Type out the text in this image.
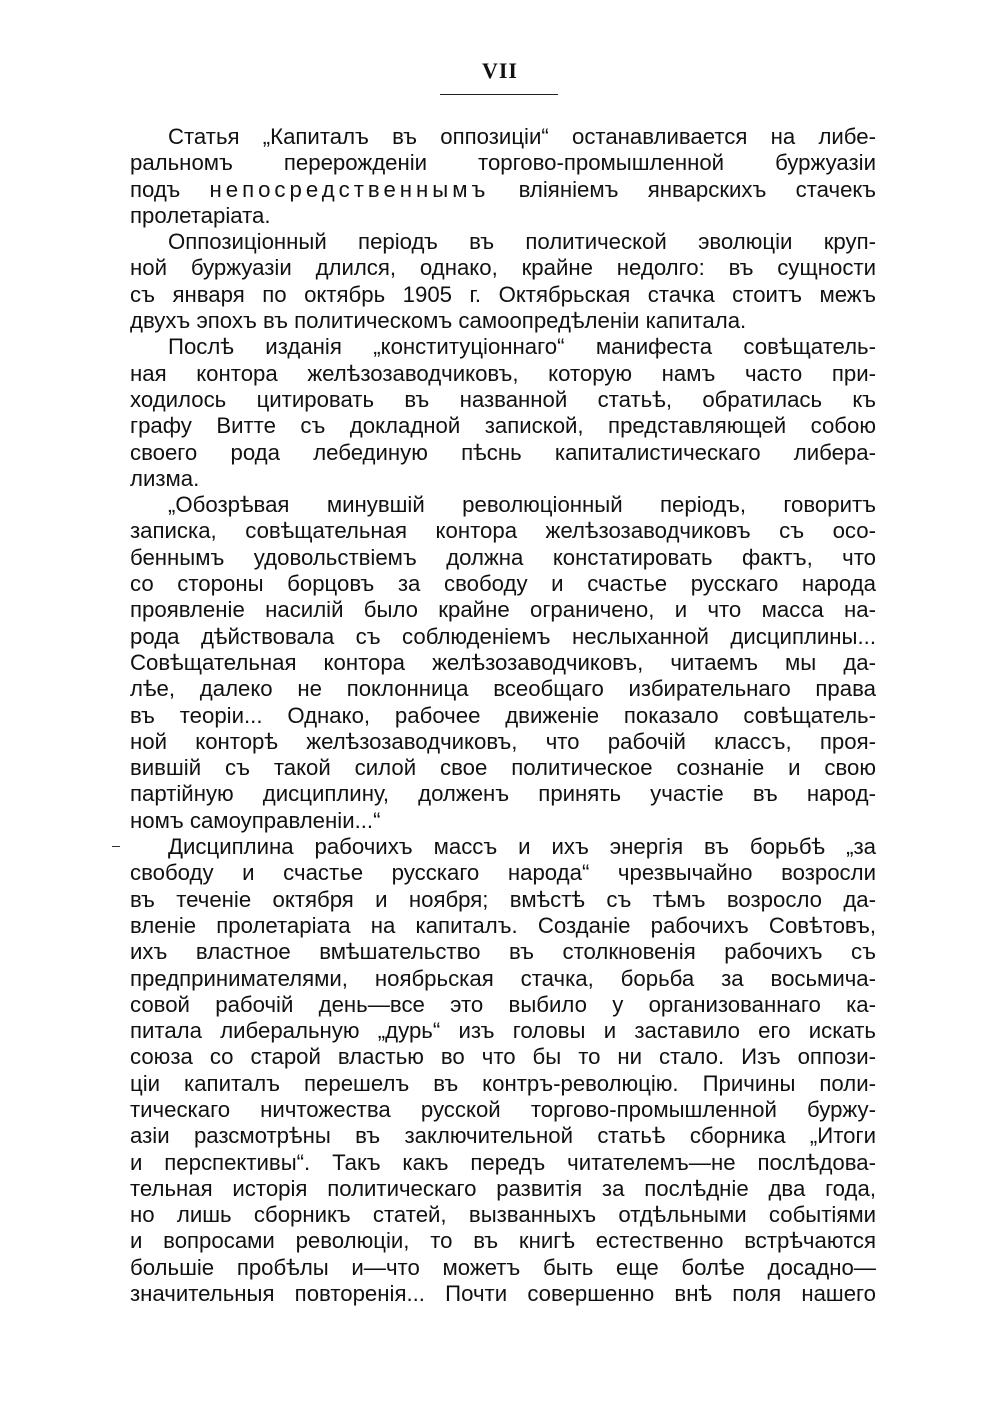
VII
Статья „Капиталъ въ оппозиціи“ останавливается на либе-
ральномъ перерожденіи торгово-промышленной буржуазіи
подъ непосредственнымъ вліяніемъ январскихъ стачекъ
пролетаріата.
Оппозиціонный періодъ въ политической эволюціи круп-
ной буржуазіи длился, однако, крайне недолго: въ сущности
съ января по октябрь 1905 г. Октябрьская стачка стоитъ межъ
двухъ эпохъ въ политическомъ самоопредѣленіи капитала.
Послѣ изданія „конституціоннаго“ манифеста совѣщатель-
ная контора желѣзозаводчиковъ, которую намъ часто при-
ходилось цитировать въ названной статьѣ, обратилась къ
графу Витте съ докладной запиской, представляющей собою
своего рода лебединую пѣснь капиталистическаго либера-
лизма.
„Обозрѣвая минувшій революціонный періодъ, говоритъ
записка, совѣщательная контора желѣзозаводчиковъ съ осо-
беннымъ удовольствіемъ должна констатировать фактъ, что
со стороны борцовъ за свободу и счастье русскаго народа
проявленіе насилій было крайне ограничено, и что масса на-
рода дѣйствовала съ соблюденіемъ неслыханной дисциплины...
Совѣщательная контора желѣзозаводчиковъ, читаемъ мы да-
лѣе, далеко не поклонница всеобщаго избирательнаго права
въ теоріи... Однако, рабочее движеніе показало совѣщатель-
ной конторѣ желѣзозаводчиковъ, что рабочій классъ, проя-
вившій съ такой силой свое политическое сознаніе и свою
партійную дисциплину, долженъ принять участіе въ народ-
номъ самоуправленіи...“
Дисциплина рабочихъ массъ и ихъ энергія въ борьбѣ „за
свободу и счастье русскаго народа“ чрезвычайно возросли
въ теченіе октября и ноября; вмѣстѣ съ тѣмъ возросло да-
вленіе пролетаріата на капиталъ. Созданіе рабочихъ Совѣтовъ,
ихъ властное вмѣшательство въ столкновенія рабочихъ съ
предпринимателями, ноябрьская стачка, борьба за восьмича-
совой рабочій день—все это выбило у организованнаго ка-
питала либеральную „дурь“ изъ головы и заставило его искать
союза со старой властью во что бы то ни стало. Изъ оппози-
ціи капиталъ перешелъ въ контръ-революцію. Причины поли-
тическаго ничтожества русской торгово-промышленной буржу-
азіи разсмотрѣны въ заключительной статьѣ сборника „Итоги
и перспективы“. Такъ какъ передъ читателемъ—не послѣдова-
тельная исторія политическаго развитія за послѣдніе два года,
но лишь сборникъ статей, вызванныхъ отдѣльными событіями
и вопросами революціи, то въ книгѣ естественно встрѣчаются
большіе пробѣлы и—что можетъ быть еще болѣе досадно—
значительныя повторенія... Почти совершенно внѣ поля нашего
